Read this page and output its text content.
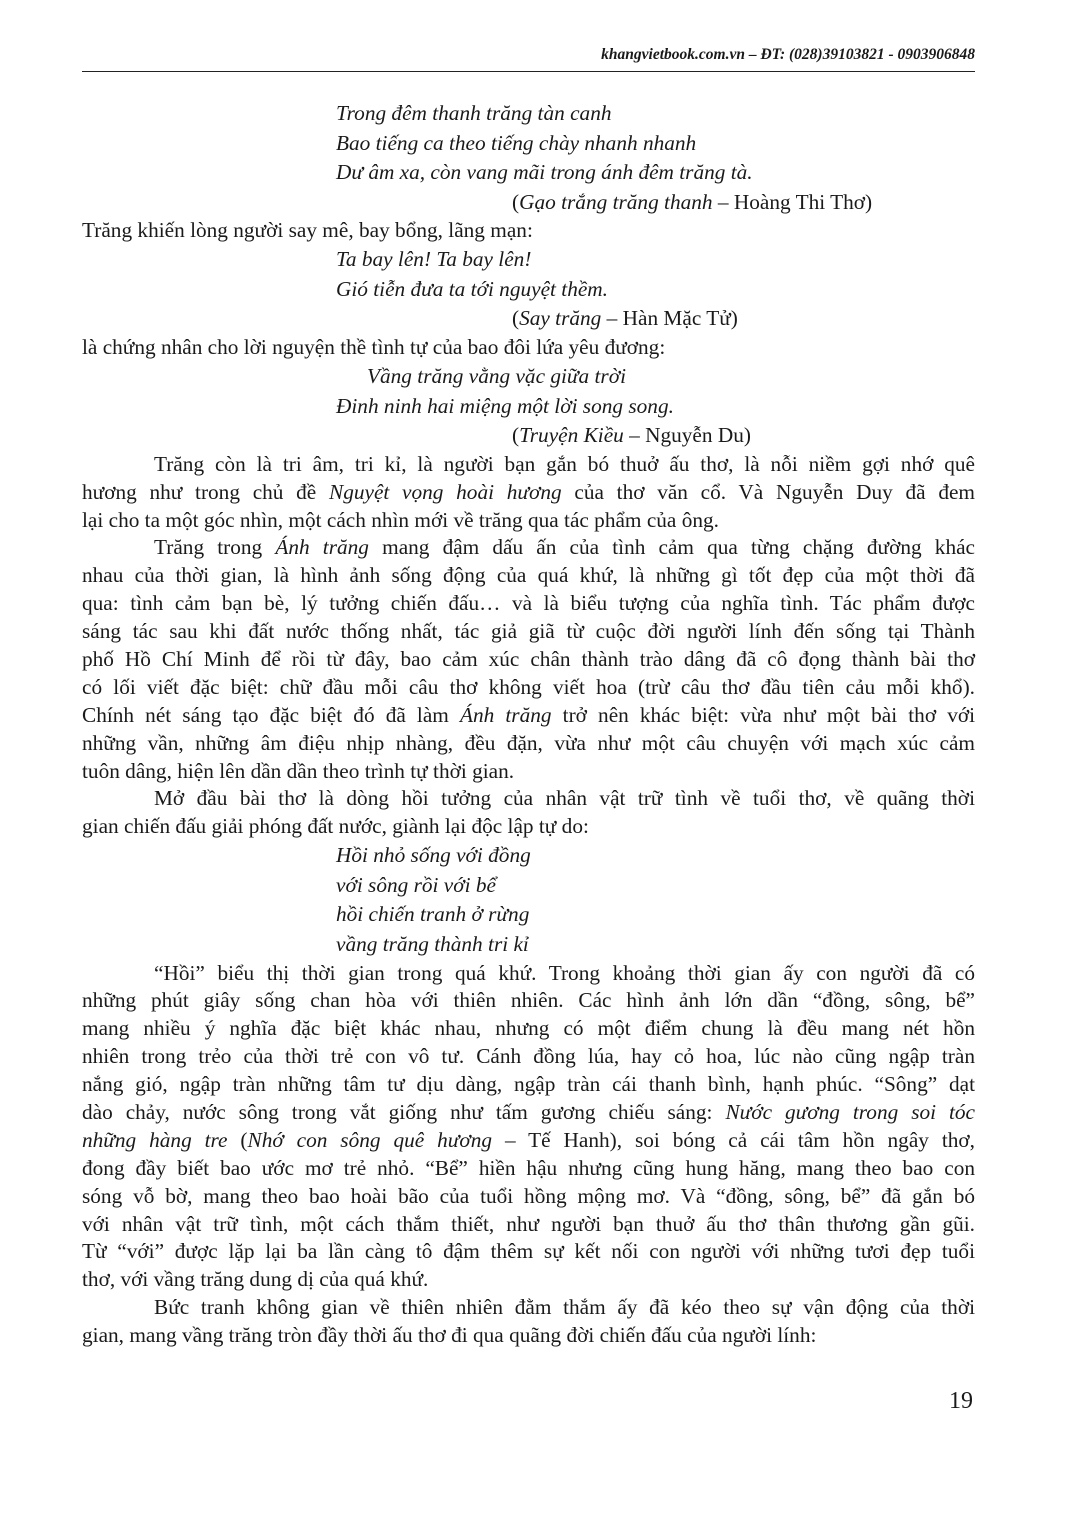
khangvietbook.com.vn – ĐT: (028)39103821 - 0903906848
Trong đêm thanh trăng tàn canh
Bao tiếng ca theo tiếng chày nhanh nhanh
Dư âm xa, còn vang mãi trong ánh đêm trăng tà.
(Gạo trắng trăng thanh – Hoàng Thi Thơ)
Trăng khiến lòng người say mê, bay bổng, lãng mạn:
Ta bay lên! Ta bay lên!
Gió tiễn đưa ta tới nguyệt thềm.
(Say trăng – Hàn Mặc Tử)
là chứng nhân cho lời nguyện thề tình tự của bao đôi lứa yêu đương:
Vầng trăng vằng vặc giữa trời
Đinh ninh hai miệng một lời song song.
(Truyện Kiều – Nguyễn Du)
Trăng còn là tri âm, tri kỉ, là người bạn gắn bó thuở ấu thơ, là nỗi niềm gợi nhớ quê
hương như trong chủ đề Nguyệt vọng hoài hương của thơ văn cổ. Và Nguyễn Duy đã đem
lại cho ta một góc nhìn, một cách nhìn mới về trăng qua tác phẩm của ông.
Trăng trong Ánh trăng mang đậm dấu ấn của tình cảm qua từng chặng đường khác
nhau của thời gian, là hình ảnh sống động của quá khứ, là những gì tốt đẹp của một thời đã
qua: tình cảm bạn bè, lý tưởng chiến đấu… và là biểu tượng của nghĩa tình. Tác phẩm được
sáng tác sau khi đất nước thống nhất, tác giả giã từ cuộc đời người lính đến sống tại Thành
phố Hồ Chí Minh để rồi từ đây, bao cảm xúc chân thành trào dâng đã cô đọng thành bài thơ
có lối viết đặc biệt: chữ đầu mỗi câu thơ không viết hoa (trừ câu thơ đầu tiên cảu mỗi khổ).
Chính nét sáng tạo đặc biệt đó đã làm Ánh trăng trở nên khác biệt: vừa như một bài thơ với
những vần, những âm điệu nhịp nhàng, đều đặn, vừa như một câu chuyện với mạch xúc cảm
tuôn dâng, hiện lên dần dần theo trình tự thời gian.
Mở đầu bài thơ là dòng hồi tưởng của nhân vật trữ tình về tuổi thơ, về quãng thời
gian chiến đấu giải phóng đất nước, giành lại độc lập tự do:
Hồi nhỏ sống với đồng
với sông rồi với bể
hồi chiến tranh ở rừng
vầng trăng thành tri kỉ
“Hồi” biểu thị thời gian trong quá khứ. Trong khoảng thời gian ấy con người đã có
những phút giây sống chan hòa với thiên nhiên. Các hình ảnh lớn dần “đồng, sông, bể”
mang nhiều ý nghĩa đặc biệt khác nhau, nhưng có một điểm chung là đều mang nét hồn
nhiên trong trẻo của thời trẻ con vô tư. Cánh đồng lúa, hay cỏ hoa, lúc nào cũng ngập tràn
nắng gió, ngập tràn những tâm tư dịu dàng, ngập tràn cái thanh bình, hạnh phúc. “Sông” dạt
dào chảy, nước sông trong vắt giống như tấm gương chiếu sáng: Nước gương trong soi tóc
những hàng tre (Nhớ con sông quê hương – Tế Hanh), soi bóng cả cái tâm hồn ngây thơ,
đong đầy biết bao ước mơ trẻ nhỏ. “Bể” hiền hậu nhưng cũng hung hăng, mang theo bao con
sóng vỗ bờ, mang theo bao hoài bão của tuổi hồng mộng mơ. Và “đồng, sông, bể” đã gắn bó
với nhân vật trữ tình, một cách thắm thiết, như người bạn thuở ấu thơ thân thương gần gũi.
Từ “với” được lặp lại ba lần càng tô đậm thêm sự kết nối con người với những tươi đẹp tuổi
thơ, với vầng trăng dung dị của quá khứ.
Bức tranh không gian về thiên nhiên đằm thắm ấy đã kéo theo sự vận động của thời
gian, mang vầng trăng tròn đầy thời ấu thơ đi qua quãng đời chiến đấu của người lính:
19
